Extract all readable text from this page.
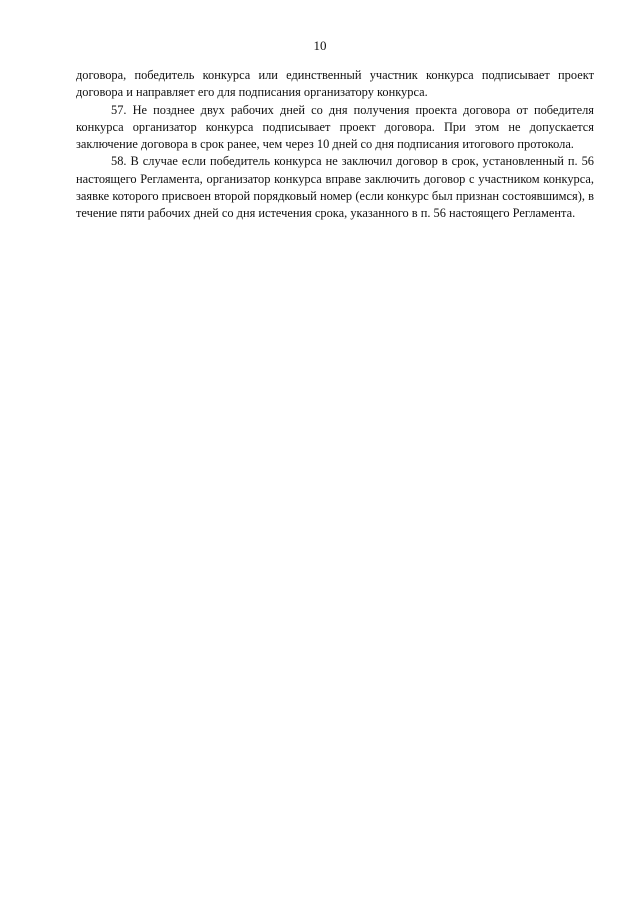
10

договора, победитель конкурса или единственный участник конкурса подписывает проект договора и направляет его для подписания организатору конкурса.

57. Не позднее двух рабочих дней со дня получения проекта договора от победителя конкурса организатор конкурса подписывает проект договора. При этом не допускается заключение договора в срок ранее, чем через 10 дней со дня подписания итогового протокола.

58. В случае если победитель конкурса не заключил договор в срок, установленный п. 56 настоящего Регламента, организатор конкурса вправе заключить договор с участником конкурса, заявке которого присвоен второй порядковый номер (если конкурс был признан состоявшимся), в течение пяти рабочих дней со дня истечения срока, указанного в п. 56 настоящего Регламента.
